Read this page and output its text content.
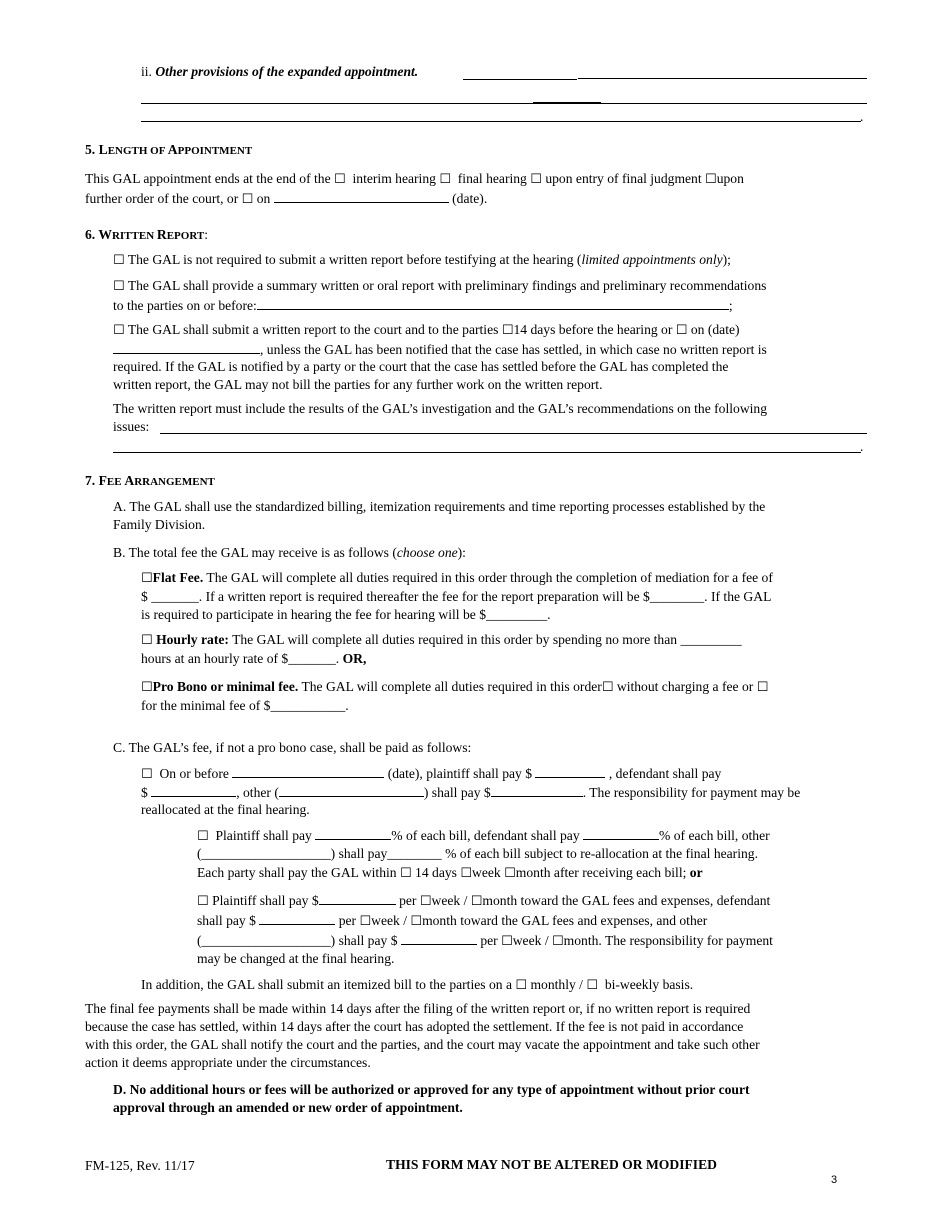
ii. Other provisions of the expanded appointment.
.
5. LENGTH OF APPOINTMENT
This GAL appointment ends at the end of the ☐ interim hearing ☐ final hearing ☐ upon entry of final judgment ☐upon
further order of the court, or ☐ on	(date).
6. WRITTEN REPORT:
☐ The GAL is not required to submit a written report before testifying at the hearing (limited appointments only);
☐ The GAL shall provide a summary written or oral report with preliminary findings and preliminary recommendations
to the parties on or before:	;
☐ The GAL shall submit a written report to the court and to the parties ☐14 days before the hearing or ☐ on (date)
, unless the GAL has been notified that the case has settled, in which case no written report is
required. If the GAL is notified by a party or the court that the case has settled before the GAL has completed the
written report, the GAL may not bill the parties for any further work on the written report.
The written report must include the results of the GAL’s investigation and the GAL’s recommendations on the following
issues:
.
7. FEE ARRANGEMENT
A. The GAL shall use the standardized billing, itemization requirements and time reporting processes established by the
Family Division.
B. The total fee the GAL may receive is as follows (choose one):
☐Flat Fee. The GAL will complete all duties required in this order through the completion of mediation for a fee of
$ _______. If a written report is required thereafter the fee for the report preparation will be $________. If the GAL
is required to participate in hearing the fee for hearing will be $_________.
☐ Hourly rate: The GAL will complete all duties required in this order by spending no more than _________
hours at an hourly rate of $_______. OR,
☐Pro Bono or minimal fee. The GAL will complete all duties required in this order☐ without charging a fee or ☐
for the minimal fee of $___________.
C. The GAL’s fee, if not a pro bono case, shall be paid as follows:
☐ On or before	(date), plaintiff shall pay $	, defendant shall pay
$	, other (	) shall pay $	. The responsibility for payment may be
reallocated at the final hearing.
☐ Plaintiff shall pay	% of each bill, defendant shall pay	% of each bill, other
(___________________) shall pay________ % of each bill subject to re-allocation at the final hearing.
Each party shall pay the GAL within ☐ 14 days ☐week ☐month after receiving each bill; or
☐ Plaintiff shall pay $	per ☐week / ☐month toward the GAL fees and expenses, defendant
shall pay $	per ☐week / ☐month toward the GAL fees and expenses, and other
(___________________) shall pay $	per ☐week / ☐month. The responsibility for payment
may be changed at the final hearing.
In addition, the GAL shall submit an itemized bill to the parties on a ☐ monthly / ☐ bi-weekly basis.
The final fee payments shall be made within 14 days after the filing of the written report or, if no written report is required
because the case has settled, within 14 days after the court has adopted the settlement. If the fee is not paid in accordance
with this order, the GAL shall notify the court and the parties, and the court may vacate the appointment and take such other
action it deems appropriate under the circumstances.
D. No additional hours or fees will be authorized or approved for any type of appointment without prior court
approval through an amended or new order of appointment.
FM-125, Rev. 11/17	THIS FORM MAY NOT BE ALTERED OR MODIFIED
3
